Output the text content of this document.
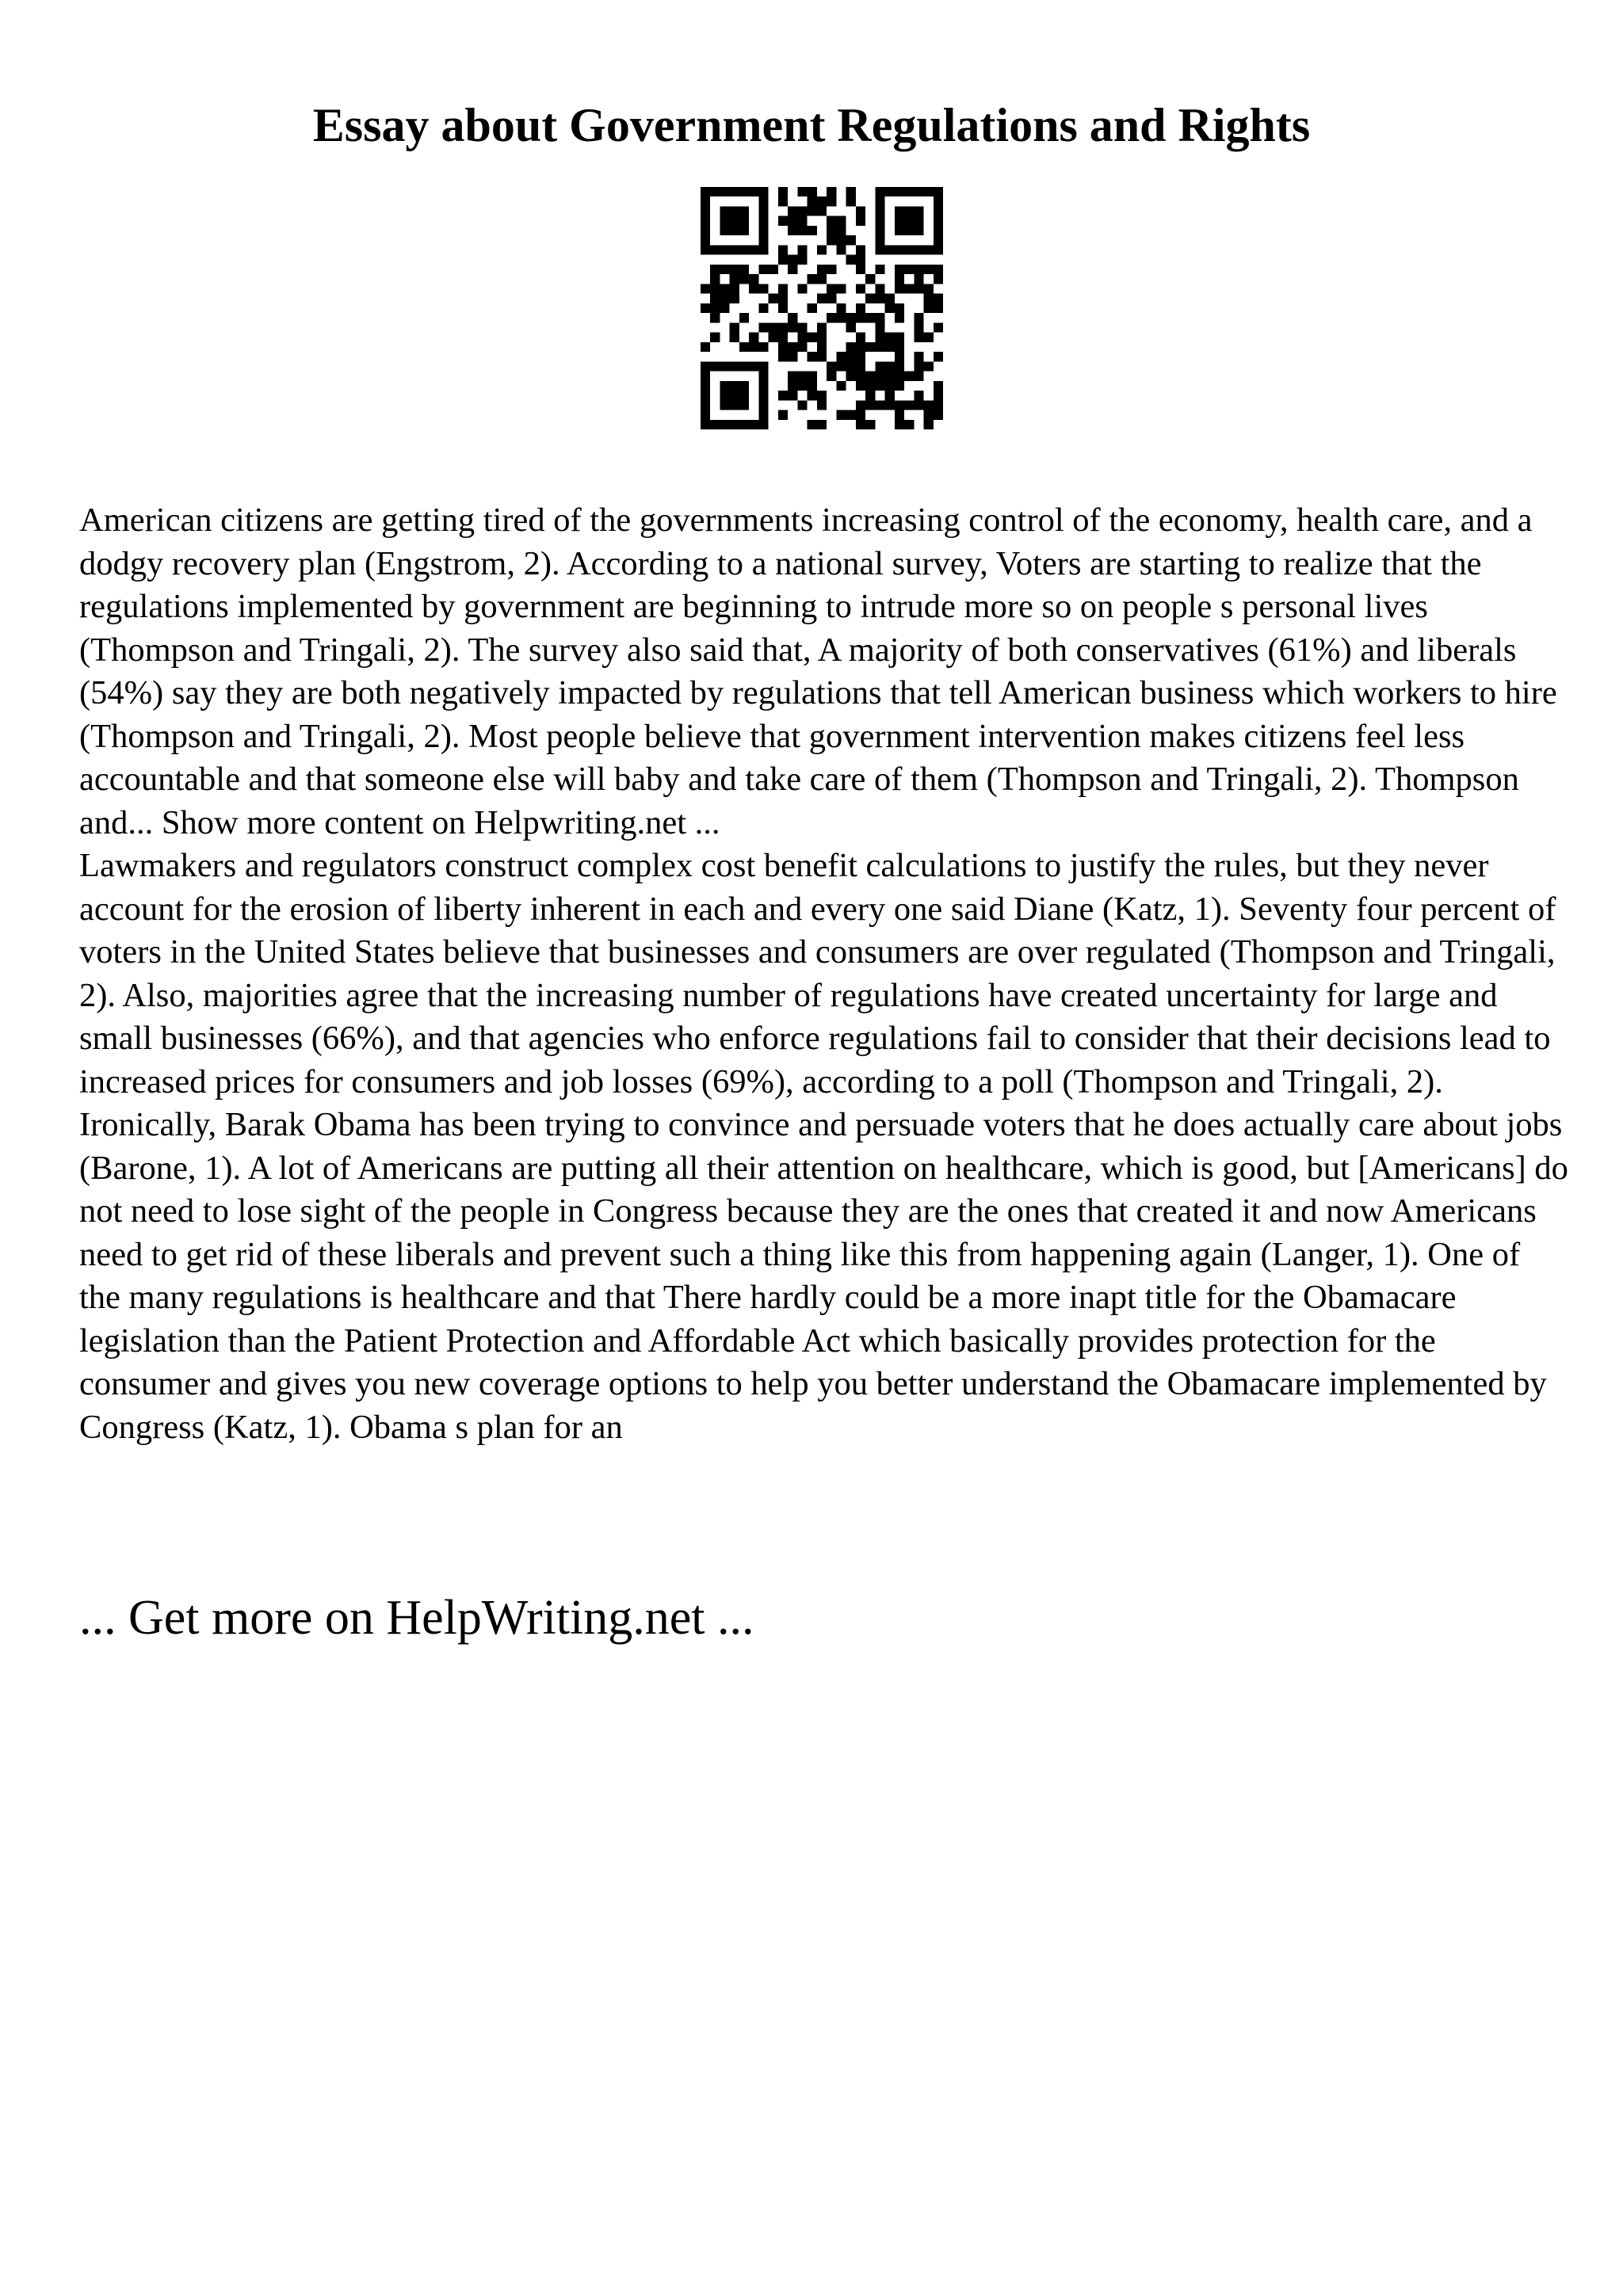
Essay about Government Regulations and Rights

American citizens are getting tired of the governments increasing control of the economy, health care, and a dodgy recovery plan (Engstrom, 2). According to a national survey, Voters are starting to realize that the regulations implemented by government are beginning to intrude more so on people s personal lives (Thompson and Tringali, 2). The survey also said that, A majority of both conservatives (61%) and liberals (54%) say they are both negatively impacted by regulations that tell American business which workers to hire (Thompson and Tringali, 2). Most people believe that government intervention makes citizens feel less accountable and that someone else will baby and take care of them (Thompson and Tringali, 2). Thompson and... Show more content on Helpwriting.net ...

Lawmakers and regulators construct complex cost benefit calculations to justify the rules, but they never account for the erosion of liberty inherent in each and every one said Diane (Katz, 1). Seventy four percent of voters in the United States believe that businesses and consumers are over regulated (Thompson and Tringali, 2). Also, majorities agree that the increasing number of regulations have created uncertainty for large and small businesses (66%), and that agencies who enforce regulations fail to consider that their decisions lead to increased prices for consumers and job losses (69%), according to a poll (Thompson and Tringali, 2). Ironically, Barak Obama has been trying to convince and persuade voters that he does actually care about jobs (Barone, 1). A lot of Americans are putting all their attention on healthcare, which is good, but [Americans] do not need to lose sight of the people in Congress because they are the ones that created it and now Americans need to get rid of these liberals and prevent such a thing like this from happening again (Langer, 1). One of the many regulations is healthcare and that There hardly could be a more inapt title for the Obamacare legislation than the Patient Protection and Affordable Act which basically provides protection for the consumer and gives you new coverage options to help you better understand the Obamacare implemented by Congress (Katz, 1). Obama s plan for an

... Get more on HelpWriting.net ...
